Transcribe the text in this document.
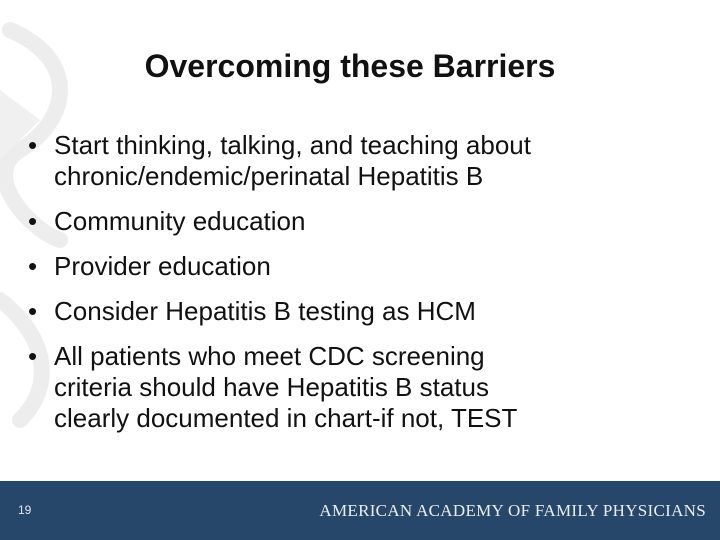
Overcoming these Barriers
• Start thinking, talking, and teaching about
chronic/endemic/perinatal Hepatitis B
• Community education
• Provider education
• Consider Hepatitis B testing as HCM
• All patients who meet CDC screening
criteria should have Hepatitis B status
clearly documented in chart-if not, TEST
19	AMERICAN ACADEMY OF FAMILY PHYSICIANS
